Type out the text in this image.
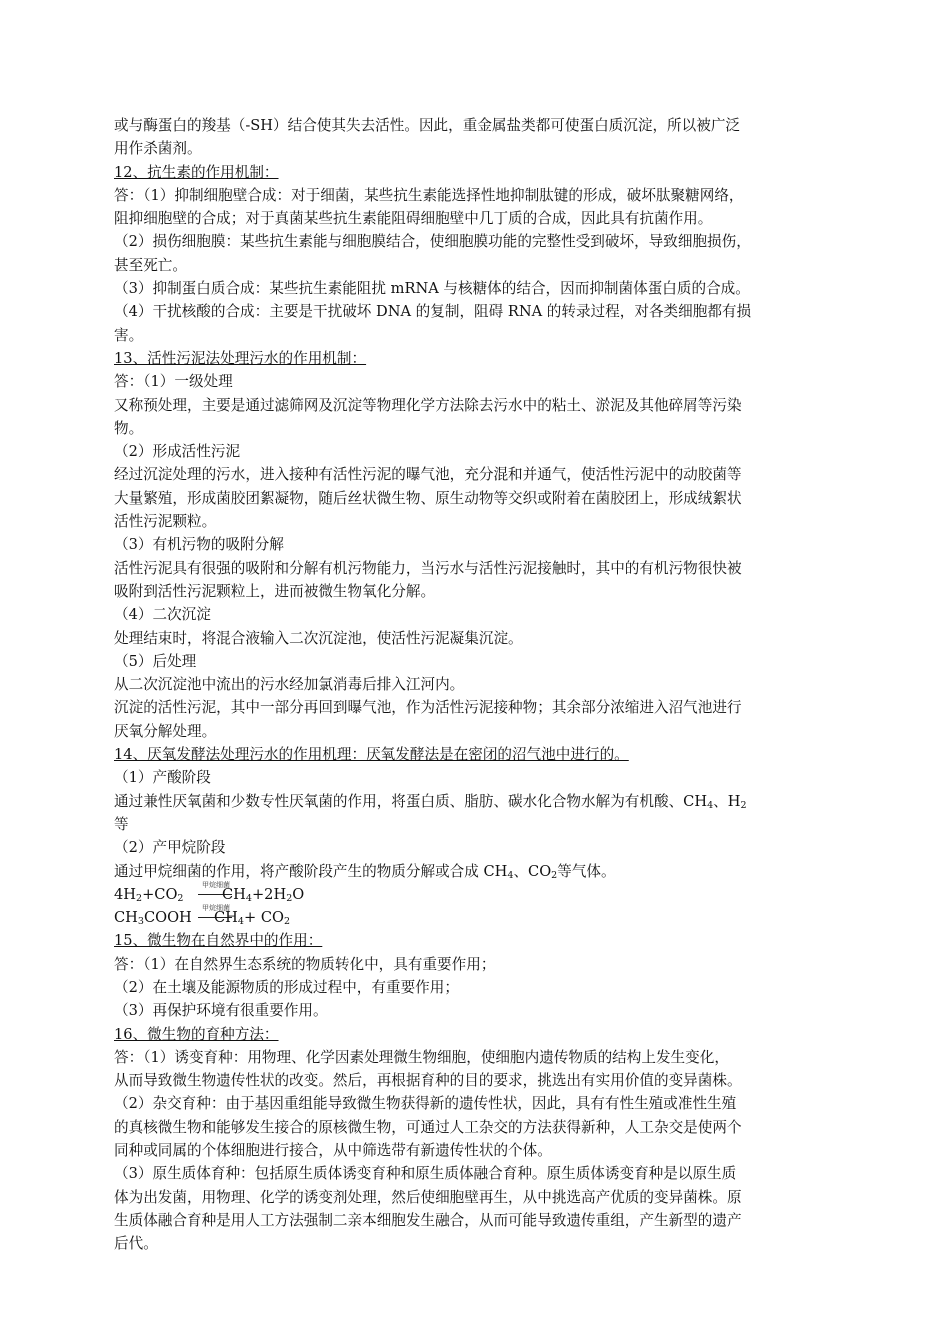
或与酶蛋白的羧基（-SH）结合使其失去活性。因此，重金属盐类都可使蛋白质沉淀，所以被广泛
用作杀菌剂。
12、抗生素的作用机制：
答：（1）抑制细胞壁合成：对于细菌，某些抗生素能选择性地抑制肽键的形成，破坏肽聚糖网络，
阻抑细胞壁的合成；对于真菌某些抗生素能阻碍细胞壁中几丁质的合成，因此具有抗菌作用。
（2）损伤细胞膜：某些抗生素能与细胞膜结合，使细胞膜功能的完整性受到破坏，导致细胞损伤，
甚至死亡。
（3）抑制蛋白质合成：某些抗生素能阻扰 mRNA 与核糖体的结合，因而抑制菌体蛋白质的合成。
（4）干扰核酸的合成：主要是干扰破坏 DNA 的复制，阻碍 RNA 的转录过程，对各类细胞都有损
害。
13、活性污泥法处理污水的作用机制：
答：（1）一级处理
又称预处理，主要是通过滤筛网及沉淀等物理化学方法除去污水中的粘土、淤泥及其他碎屑等污染
物。
（2）形成活性污泥
经过沉淀处理的污水，进入接种有活性污泥的曝气池，充分混和并通气，使活性污泥中的动胶菌等
大量繁殖，形成菌胶团絮凝物，随后丝状微生物、原生动物等交织或附着在菌胶团上，形成绒絮状
活性污泥颗粒。
（3）有机污物的吸附分解
活性污泥具有很强的吸附和分解有机污物能力，当污水与活性污泥接触时，其中的有机污物很快被
吸附到活性污泥颗粒上，进而被微生物氧化分解。
（4）二次沉淀
处理结束时，将混合液输入二次沉淀池，使活性污泥凝集沉淀。
（5）后处理
从二次沉淀池中流出的污水经加氯消毒后排入江河内。
沉淀的活性污泥，其中一部分再回到曝气池，作为活性污泥接种物；其余部分浓缩进入沼气池进行
厌氧分解处理。
14、厌氧发酵法处理污水的作用机理：厌氧发酵法是在密闭的沼气池中进行的。
（1）产酸阶段
通过兼性厌氧菌和少数专性厌氧菌的作用，将蛋白质、脂肪、碳水化合物水解为有机酸、$CH_4$、$H_2$
等
（2）产甲烷阶段
通过甲烷细菌的作用，将产酸阶段产生的物质分解或合成 $CH_4$、$CO_2$等气体。
$4H_2+CO_2$
甲烷细菌
$CH_4+2H_2O$
$CH_3COOH$
甲烷细菌
$CH_4+ CO_2$
15、微生物在自然界中的作用：
答：（1）在自然界生态系统的物质转化中，具有重要作用；
（2）在土壤及能源物质的形成过程中，有重要作用；
（3）再保护环境有很重要作用。
16、微生物的育种方法：
答：（1）诱变育种：用物理、化学因素处理微生物细胞，使细胞内遗传物质的结构上发生变化，
从而导致微生物遗传性状的改变。然后，再根据育种的目的要求，挑选出有实用价值的变异菌株。
（2）杂交育种：由于基因重组能导致微生物获得新的遗传性状，因此，具有有性生殖或准性生殖
的真核微生物和能够发生接合的原核微生物，可通过人工杂交的方法获得新种，人工杂交是使两个
同种或同属的个体细胞进行接合，从中筛选带有新遗传性状的个体。
（3）原生质体育种：包括原生质体诱变育种和原生质体融合育种。原生质体诱变育种是以原生质
体为出发菌，用物理、化学的诱变剂处理，然后使细胞壁再生，从中挑选高产优质的变异菌株。原
生质体融合育种是用人工方法强制二亲本细胞发生融合，从而可能导致遗传重组，产生新型的遗产
后代。
